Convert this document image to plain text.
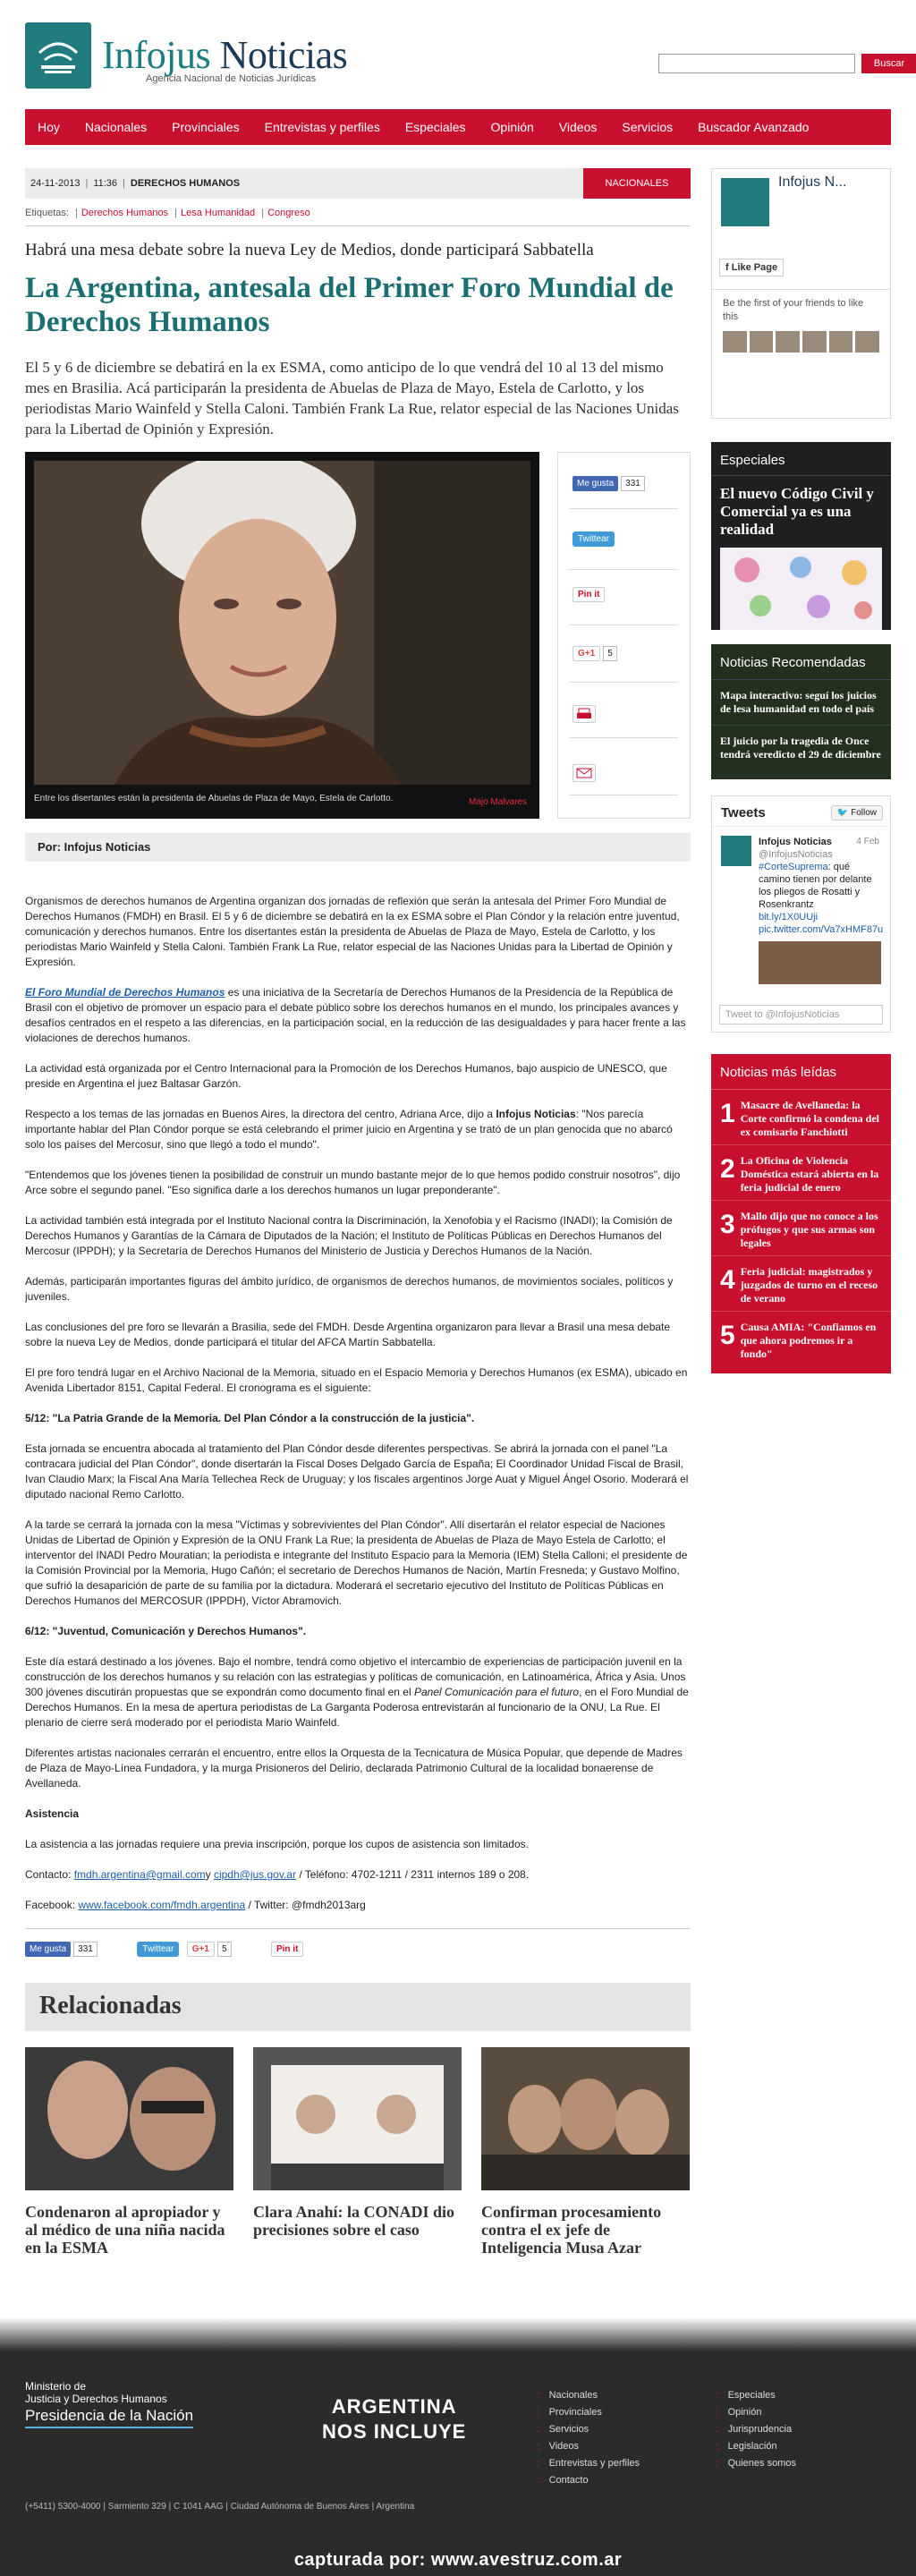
Infojus Noticias
Agencia Nacional de Noticias Jurídicas
Buscar
Hoy	Nacionales	Provinciales	Entrevistas y perfiles	Especiales	Opinión	Videos	Servicios	Buscador Avanzado
24-11-2013 | 11:36 | DERECHOS HUMANOS	NACIONALES
Etiquetas: | Derechos Humanos | Lesa Humanidad | Congreso
Habrá una mesa debate sobre la nueva Ley de Medios, donde participará Sabbatella
La Argentina, antesala del Primer Foro Mundial de Derechos Humanos
El 5 y 6 de diciembre se debatirá en la ex ESMA, como anticipo de lo que vendrá del 10 al 13 del mismo mes en Brasilia. Acá participarán la presidenta de Abuelas de Plaza de Mayo, Estela de Carlotto, y los periodistas Mario Wainfeld y Stella Caloni. También Frank La Rue, relator especial de las Naciones Unidas para la Libertad de Opinión y Expresión.
Entre los disertantes están la presidenta de Abuelas de Plaza de Mayo, Estela de Carlotto.	Majo Malvares
Me gusta 331
Twittear
Pin it
G+1 5
Por: Infojus Noticias

Organismos de derechos humanos de Argentina organizan dos jornadas de reflexión que serán la antesala del Primer Foro Mundial de Derechos Humanos (FMDH) en Brasil. El 5 y 6 de diciembre se debatirá en la ex ESMA sobre el Plan Cóndor y la relación entre juventud, comunicación y derechos humanos. Entre los disertantes están la presidenta de Abuelas de Plaza de Mayo, Estela de Carlotto, y los periodistas Mario Wainfeld y Stella Caloni. También Frank La Rue, relator especial de las Naciones Unidas para la Libertad de Opinión y Expresión.

El Foro Mundial de Derechos Humanos es una iniciativa de la Secretaría de Derechos Humanos de la Presidencia de la República de Brasil con el objetivo de promover un espacio para el debate público sobre los derechos humanos en el mundo, los principales avances y desafíos centrados en el respeto a las diferencias, en la participación social, en la reducción de las desigualdades y para hacer frente a las violaciones de derechos humanos.

La actividad está organizada por el Centro Internacional para la Promoción de los Derechos Humanos, bajo auspicio de UNESCO, que preside en Argentina el juez Baltasar Garzón.

Respecto a los temas de las jornadas en Buenos Aires, la directora del centro, Adriana Arce, dijo a Infojus Noticias: "Nos parecía importante hablar del Plan Cóndor porque se está celebrando el primer juicio en Argentina y se trató de un plan genocida que no abarcó solo los países del Mercosur, sino que llegó a todo el mundo".

"Entendemos que los jóvenes tienen la posibilidad de construir un mundo bastante mejor de lo que hemos podido construir nosotros", dijo Arce sobre el segundo panel. "Eso significa darle a los derechos humanos un lugar preponderante".

La actividad también está integrada por el Instituto Nacional contra la Discriminación, la Xenofobia y el Racismo (INADI); la Comisión de Derechos Humanos y Garantías de la Cámara de Diputados de la Nación; el Instituto de Políticas Públicas en Derechos Humanos del Mercosur (IPPDH); y la Secretaría de Derechos Humanos del Ministerio de Justicia y Derechos Humanos de la Nación.

Además, participarán importantes figuras del ámbito jurídico, de organismos de derechos humanos, de movimientos sociales, políticos y juveniles.

Las conclusiones del pre foro se llevarán a Brasilia, sede del FMDH. Desde Argentina organizaron para llevar a Brasil una mesa debate sobre la nueva Ley de Medios, donde participará el titular del AFCA Martín Sabbatella.

El pre foro tendrá lugar en el Archivo Nacional de la Memoria, situado en el Espacio Memoria y Derechos Humanos (ex ESMA), ubicado en Avenida Libertador 8151, Capital Federal. El cronograma es el siguiente:

5/12: "La Patria Grande de la Memoria. Del Plan Cóndor a la construcción de la justicia".

Esta jornada se encuentra abocada al tratamiento del Plan Cóndor desde diferentes perspectivas. Se abrirá la jornada con el panel "La contracara judicial del Plan Cóndor", donde disertarán la Fiscal Doses Delgado García de España; El Coordinador Unidad Fiscal de Brasil, Ivan Claudio Marx; la Fiscal Ana María Tellechea Reck de Uruguay; y los fiscales argentinos Jorge Auat y Miguel Ángel Osorio. Moderará el diputado nacional Remo Carlotto.

A la tarde se cerrará la jornada con la mesa "Víctimas y sobrevivientes del Plan Cóndor". Allí disertarán el relator especial de Naciones Unidas de Libertad de Opinión y Expresión de la ONU Frank La Rue; la presidenta de Abuelas de Plaza de Mayo Estela de Carlotto; el interventor del INADI Pedro Mouratian; la periodista e integrante del Instituto Espacio para la Memoria (IEM) Stella Calloni; el presidente de la Comisión Provincial por la Memoria, Hugo Cañón; el secretario de Derechos Humanos de Nación, Martín Fresneda; y Gustavo Molfino, que sufrió la desaparición de parte de su familia por la dictadura. Moderará el secretario ejecutivo del Instituto de Políticas Públicas en Derechos Humanos del MERCOSUR (IPPDH), Víctor Abramovich.

6/12: "Juventud, Comunicación y Derechos Humanos".

Este día estará destinado a los jóvenes. Bajo el nombre, tendrá como objetivo el intercambio de experiencias de participación juvenil en la construcción de los derechos humanos y su relación con las estrategias y políticas de comunicación, en Latinoamérica, África y Asia. Unos 300 jóvenes discutirán propuestas que se expondrán como documento final en el Panel Comunicación para el futuro, en el Foro Mundial de Derechos Humanos. En la mesa de apertura periodistas de La Garganta Poderosa entrevistarán al funcionario de la ONU, La Rue. El plenario de cierre será moderado por el periodista Mario Wainfeld.

Diferentes artistas nacionales cerrarán el encuentro, entre ellos la Orquesta de la Tecnicatura de Música Popular, que depende de Madres de Plaza de Mayo-Línea Fundadora, y la murga Prisioneros del Delirio, declarada Patrimonio Cultural de la localidad bonaerense de Avellaneda.

Asistencia

La asistencia a las jornadas requiere una previa inscripción, porque los cupos de asistencia son limitados.

Contacto: fmdh.argentina@gmail.comy cipdh@jus.gov.ar / Teléfono: 4702-1211 / 2311 internos 189 o 208.

Facebook: www.facebook.com/fmdh.argentina / Twitter: @fmdh2013arg

Me gusta 331	Twittear G+1 5	Pin it
Relacionadas
Condenaron al apropiador y al médico de una niña nacida en la ESMA
Clara Anahí: la CONADI dio precisiones sobre el caso
Confirman procesamiento contra el ex jefe de Inteligencia Musa Azar
Infojus N...
f Like Page
Be the first of your friends to like this
Especiales
El nuevo Código Civil y Comercial ya es una realidad
Noticias Recomendadas
Mapa interactivo: seguí los juicios de lesa humanidad en todo el país
El juicio por la tragedia de Once tendrá veredicto el 29 de diciembre
Tweets	🐦 Follow
Infojus Noticias
@InfojusNoticias
#CorteSuprema: qué camino tienen por delante los pliegos de Rosatti y Rosenkrantz
bit.ly/1X0UUji pic.twitter.com/Va7xHMF87u
4 Feb
Tweet to @InfojusNoticias
Noticias más leídas
1 Masacre de Avellaneda: la Corte confirmó la condena del ex comisario Fanchiotti
2 La Oficina de Violencia Doméstica estará abierta en la feria judicial de enero
3 Mallo dijo que no conoce a los prófugos y que sus armas son legales
4 Feria judicial: magistrados y juzgados de turno en el receso de verano
5 Causa AMIA: "Confiamos en que ahora podremos ir a fondo"
Ministerio de
Justicia y Derechos Humanos
Presidencia de la Nación
(+5411) 5300-4000 | Sarmiento 329 | C 1041 AAG | Ciudad Autónoma de Buenos Aires | Argentina
ARGENTINA
NOS INCLUYE
:: Nacionales
:: Provinciales
:: Servicios
:: Videos
:: Entrevistas y perfiles
:: Contacto
:: Especiales
:: Opinión
:: Jurisprudencia
:: Legislación
:: Quienes somos
capturada por: www.avestruz.com.ar
